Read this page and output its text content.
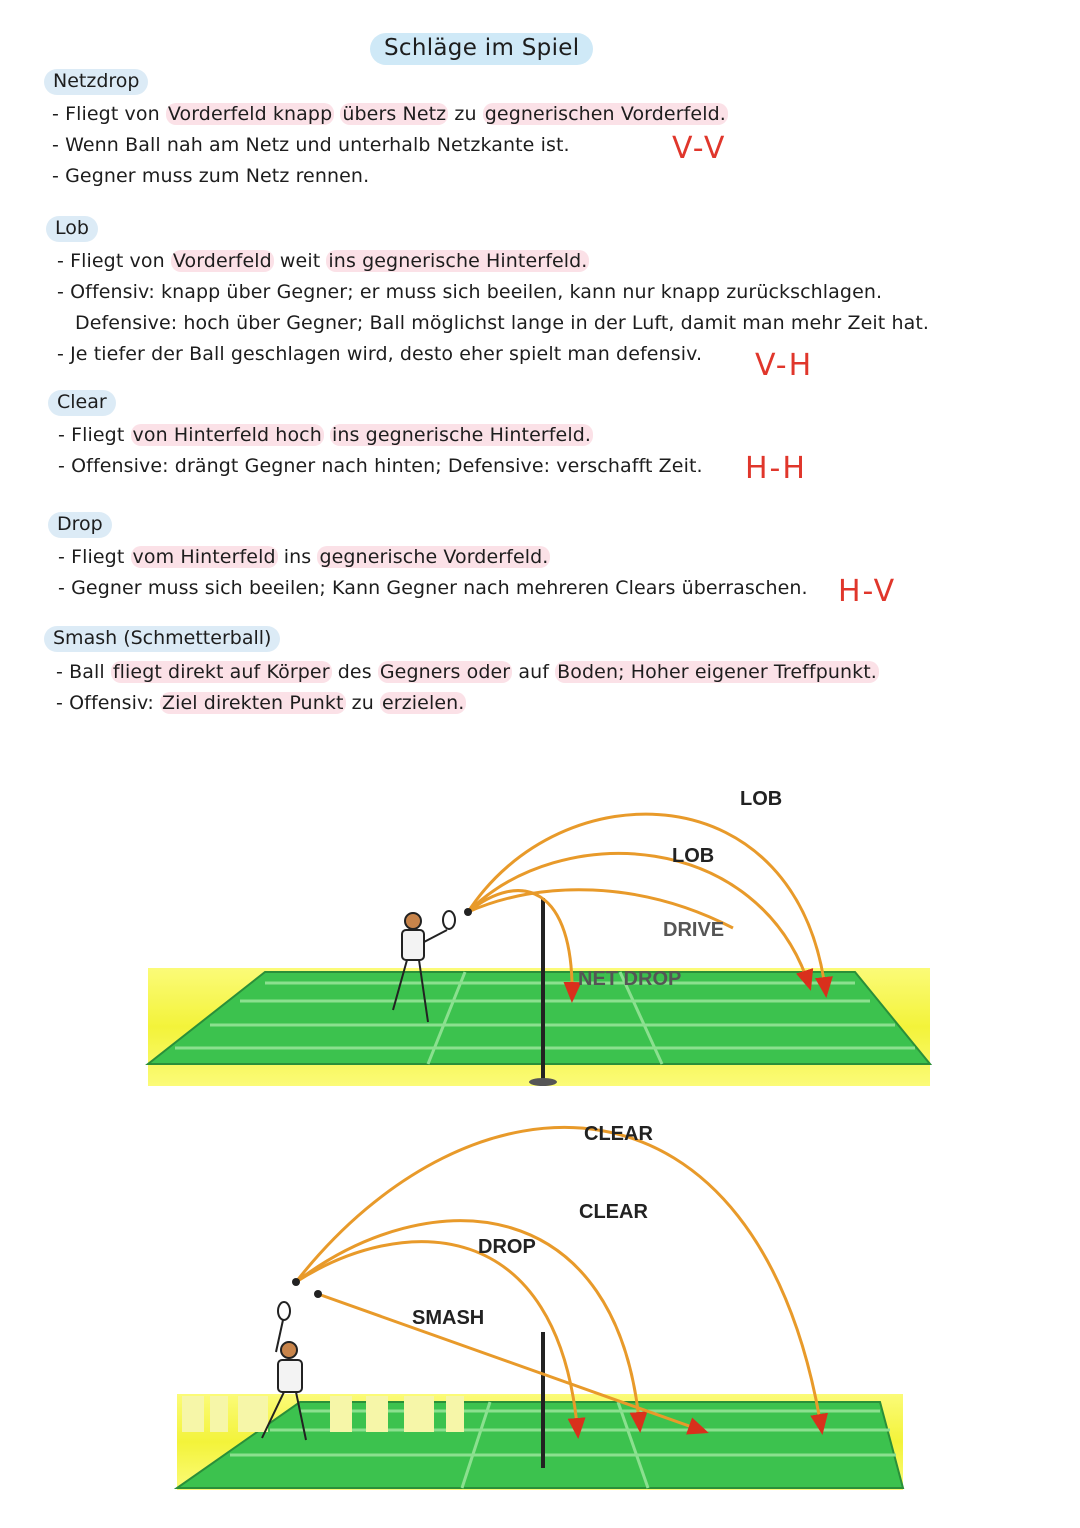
Schläge im Spiel
Netzdrop
- Fliegt von Vorderfeld knapp übers Netz zu gegnerischen Vorderfeld.
- Wenn Ball nah am Netz und unterhalb Netzkante ist.
- Gegner muss zum Netz rennen.
V-V
Lob
- Fliegt von Vorderfeld weit ins gegnerische Hinterfeld.
- Offensiv: knapp über Gegner; er muss sich beeilen, kann nur knapp zurückschlagen.
Defensive: hoch über Gegner; Ball möglichst lange in der Luft, damit man mehr Zeit hat.
- Je tiefer der Ball geschlagen wird, desto eher spielt man defensiv. V-H
Clear
- Fliegt von Hinterfeld hoch ins gegnerische Hinterfeld.
- Offensive: drängt Gegner nach hinten; Defensive: verschafft Zeit. H-H
Drop
- Fliegt vom Hinterfeld ins gegnerische Vorderfeld.
- Gegner muss sich beeilen; Kann Gegner nach mehreren Clears überraschen. H-V
Smash (Schmetterball)
- Ball fliegt direkt auf Körper des Gegners oder auf Boden; Hoher eigener Treffpunkt.
- Offensiv: Ziel direkten Punkt zu erzielen.
LOB
LOB
DRIVE
NET DROP
CLEAR
CLEAR
DROP
SMASH
